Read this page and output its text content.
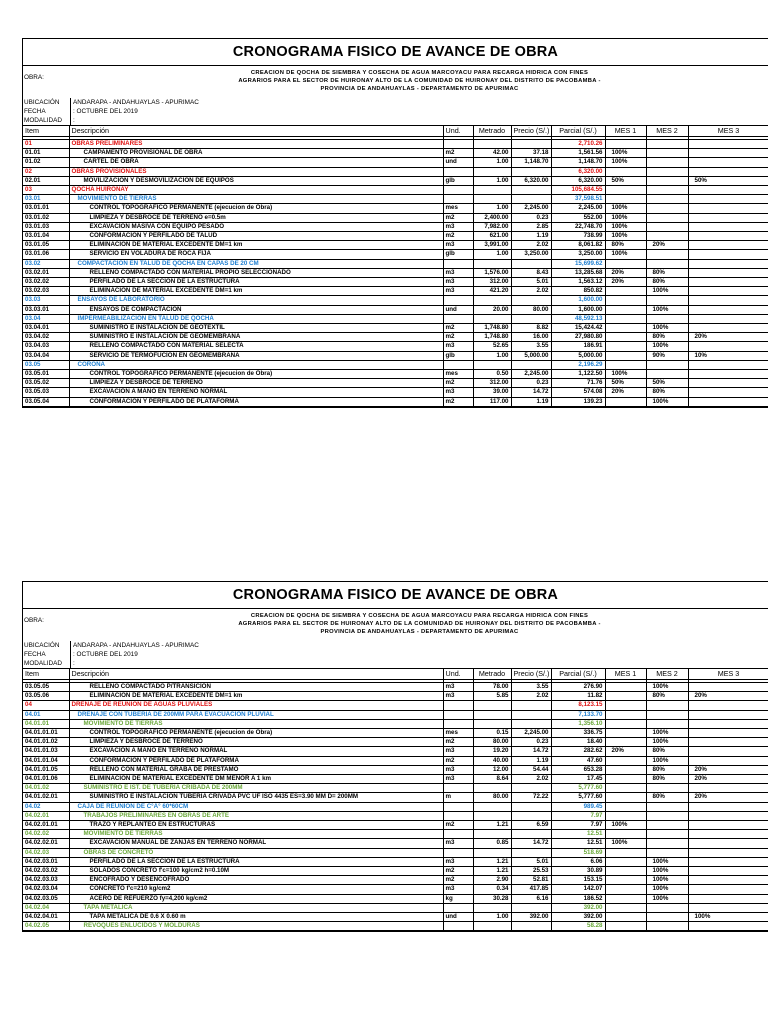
CRONOGRAMA FISICO DE AVANCE DE OBRA
OBRA:
CREACION DE QOCHA DE SIEMBRA Y COSECHA DE AGUA MARCOYACU PARA RECARGA HIDRICA CON FINES
AGRARIOS PARA EL SECTOR DE HUIRONAY ALTO DE LA COMUNIDAD DE HUIRONAY DEL DISTRITO DE PACOBAMBA -
PROVINCIA DE ANDAHUAYLAS - DEPARTAMENTO DE APURIMAC
UBICACIÓN	ANDARAPA - ANDAHUAYLAS - APURIMAC
FECHA	: OCTUBRE DEL 2019
MODALIDAD	:
Item	Descripción	Und.	Metrado	Precio (S/.)	Parcial (S/.)	MES 1	MES 2	MES 3

01	OBRAS PRELIMINARES				2,710.26			
01.01	CAMPAMENTO PROVISIONAL DE OBRA	m2	42.00	37.18	1,561.56	100%		
01.02	CARTEL DE OBRA	und	1.00	1,148.70	1,148.70	100%		
02	OBRAS PROVISIONALES				6,320.00			
02.01	MOVILIZACION Y DESMOVILIZACION DE EQUIPOS	glb	1.00	6,320.00	6,320.00	50%		50%
03	QOCHA HUIRONAY				105,684.55			
03.01	MOVIMIENTO DE TIERRAS				37,598.51			
03.01.01	CONTROL TOPOGRAFICO PERMANENTE (ejecucion de Obra)	mes	1.00	2,245.00	2,245.00	100%		
03.01.02	LIMPIEZA Y DESBROCE DE TERRENO e=0.5m	m2	2,400.00	0.23	552.00	100%		
03.01.03	EXCAVACION MASIVA CON EQUIPO PESADO	m3	7,982.00	2.85	22,748.70	100%		
03.01.04	CONFORMACION Y PERFILADO DE TALUD	m2	621.00	1.19	738.99	100%		
03.01.05	ELIMINACION DE MATERIAL EXCEDENTE DM=1 km	m3	3,991.00	2.02	8,061.82	80%	20%	
03.01.06	SERVICIO EN VOLADURA DE ROCA FIJA	glb	1.00	3,250.00	3,250.00	100%		
03.02	COMPACTACION EN TALUD DE QOCHA EN CAPAS DE 20 CM				15,699.62			
03.02.01	RELLENO COMPACTADO CON MATERIAL PROPIO SELECCIONADO	m3	1,576.00	8.43	13,285.68	20%	80%	
03.02.02	PERFILADO DE LA SECCION DE LA ESTRUCTURA	m3	312.00	5.01	1,563.12	20%	80%	
03.02.03	ELIMINACION DE MATERIAL EXCEDENTE DM=1 km	m3	421.20	2.02	850.82		100%	
03.03	ENSAYOS DE LABORATORIO				1,600.00			
03.03.01	ENSAYOS DE COMPACTACION	und	20.00	80.00	1,600.00		100%	
03.04	IMPERMEABILIZACION EN TALUD DE QOCHA				48,592.13			
03.04.01	SUMINISTRO E INSTALACION DE GEOTEXTIL	m2	1,748.80	8.82	15,424.42		100%	
03.04.02	SUMINISTRO E INSTALACION DE GEOMEMBRANA	m2	1,748.80	16.00	27,980.80		80%	20%
03.04.03	RELLENO COMPACTADO CON MATERIAL SELECTA	m3	52.65	3.55	186.91		100%	
03.04.04	SERVICIO DE TERMOFUCION EN GEOMEMBRANA	glb	1.00	5,000.00	5,000.00		90%	10%
03.05	CORONA				2,196.29			
03.05.01	CONTROL TOPOGRAFICO PERMANENTE (ejecucion de Obra)	mes	0.50	2,245.00	1,122.50	100%		
03.05.02	LIMPIEZA Y DESBROCE DE TERRENO	m2	312.00	0.23	71.76	50%	50%	
03.05.03	EXCAVACION A MANO EN TERRENO NORMAL	m3	39.00	14.72	574.08	20%	80%	
03.05.04	CONFORMACION Y PERFILADO DE PLATAFORMA	m2	117.00	1.19	139.23		100%	
CRONOGRAMA FISICO DE AVANCE DE OBRA
OBRA:
CREACION DE QOCHA DE SIEMBRA Y COSECHA DE AGUA MARCOYACU PARA RECARGA HIDRICA CON FINES
AGRARIOS PARA EL SECTOR DE HUIRONAY ALTO DE LA COMUNIDAD DE HUIRONAY DEL DISTRITO DE PACOBAMBA -
PROVINCIA DE ANDAHUAYLAS - DEPARTAMENTO DE APURIMAC
UBICACIÓN	ANDARAPA - ANDAHUAYLAS - APURIMAC
FECHA	: OCTUBRE DEL 2019
MODALIDAD	:
Item	Descripción	Und.	Metrado	Precio (S/.)	Parcial (S/.)	MES 1	MES 2	MES 3

03.05.05	RELLENO COMPACTADO P/TRANSICION	m3	78.00	3.55	276.90		100%	
03.05.06	ELIMINACION DE MATERIAL EXCEDENTE DM=1 km	m3	5.85	2.02	11.82		80%	20%
04	DRENAJE DE REUNION DE AGUAS PLUVIALES				8,123.15			
04.01	DRENAJE CON TUBERIA DE 200MM PARA EVACUACION PLUVIAL				7,133.70			
04.01.01	MOVIMIENTO DE TIERRAS				1,356.10			
04.01.01.01	CONTROL TOPOGRAFICO PERMANENTE (ejecucion de Obra)	mes	0.15	2,245.00	336.75		100%	
04.01.01.02	LIMPIEZA Y DESBROCE DE TERRENO	m2	80.00	0.23	18.40		100%	
04.01.01.03	EXCAVACION A MANO EN TERRENO NORMAL	m3	19.20	14.72	282.62	20%	80%	
04.01.01.04	CONFORMACION Y PERFILADO DE PLATAFORMA	m2	40.00	1.19	47.60		100%	
04.01.01.05	RELLENO CON MATERIAL GRABA DE PRESTAMO	m3	12.00	54.44	653.28		80%	20%
04.01.01.06	ELIMINACION DE MATERIAL EXCEDENTE DM MENOR A 1 km	m3	8.64	2.02	17.45		80%	20%
04.01.02	SUMINISTRO E IST. DE TUBERIA CRIBADA DE 200MM				5,777.60			
04.01.02.01	SUMINISTRO E INSTALACION TUBERIA CRIVADA PVC UF ISO 4435 ES=3.90 MM D= 200MM	m	80.00	72.22	5,777.60		80%	20%
04.02	CAJA DE REUNION DE C°A° 60*60CM				989.45			
04.02.01	TRABAJOS PRELIMINARES EN OBRAS DE ARTE				7.97			
04.02.01.01	TRAZO Y REPLANTEO EN ESTRUCTURAS	m2	1.21	6.59	7.97	100%		
04.02.02	MOVIMIENTO DE TIERRAS				12.51			
04.02.02.01	EXCAVACION MANUAL DE ZANJAS EN TERRENO NORMAL	m3	0.85	14.72	12.51	100%		
04.02.03	OBRAS DE CONCRETO				518.69			
04.02.03.01	PERFILADO DE LA SECCION DE LA ESTRUCTURA	m3	1.21	5.01	6.06		100%	
04.02.03.02	SOLADOS CONCRETO f'c=100 kg/cm2 h=0.10M	m2	1.21	25.53	30.89		100%	
04.02.03.03	ENCOFRADO Y DESENCOFRADO	m2	2.90	52.81	153.15		100%	
04.02.03.04	CONCRETO f'c=210 kg/cm2	m3	0.34	417.85	142.07		100%	
04.02.03.05	ACERO DE REFUERZO fy=4,200 kg/cm2	kg	30.28	6.16	186.52		100%	
04.02.04	TAPA METALICA				392.00			
04.02.04.01	TAPA METALICA DE 0.6 X 0.60 m	und	1.00	392.00	392.00			100%
04.02.05	REVOQUES ENLUCIDOS Y MOLDURAS				58.28			
